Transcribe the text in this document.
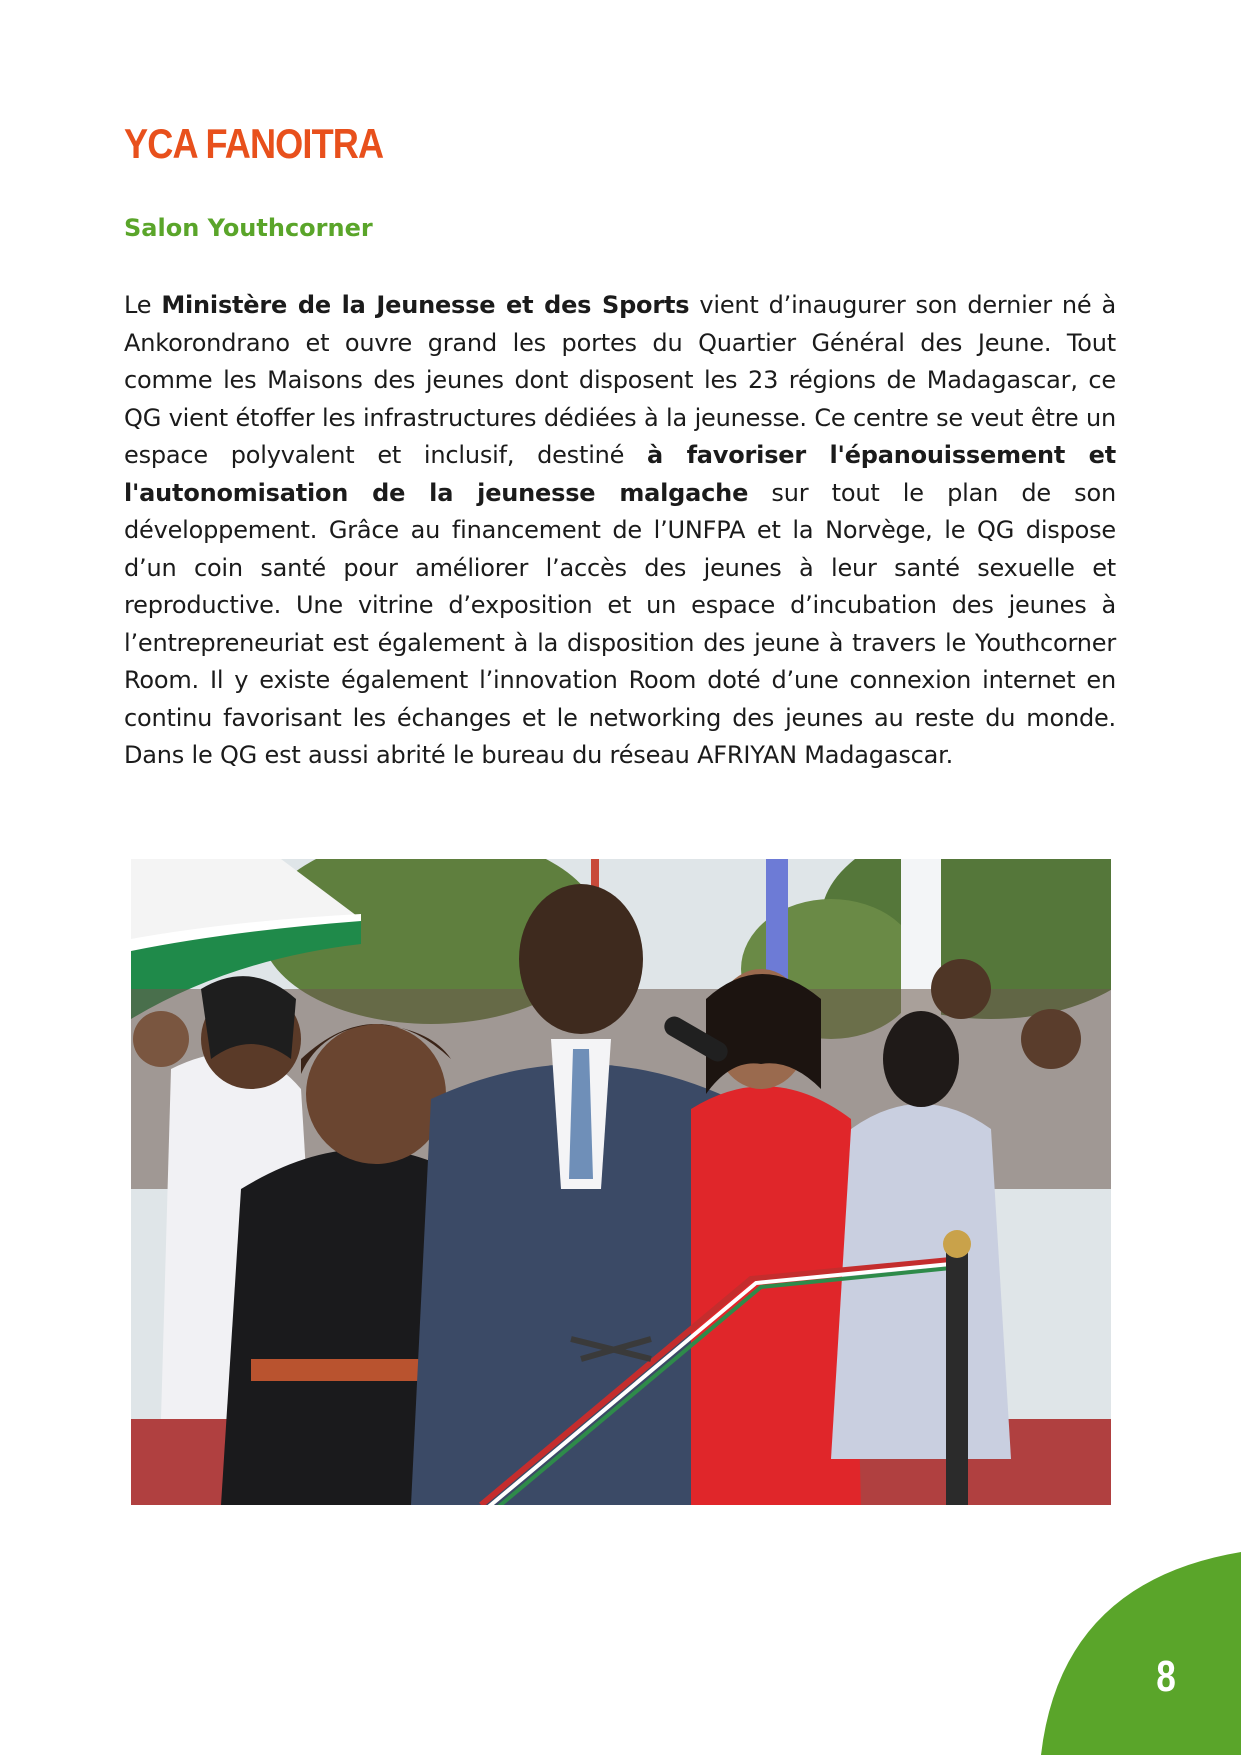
YCA FANOITRA
Salon Youthcorner

Le Ministère de la Jeunesse et des Sports vient d’inaugurer son dernier né à Ankorondrano et ouvre grand les portes du Quartier Général des Jeune. Tout comme les Maisons des jeunes dont disposent les 23 régions de Madagascar, ce QG vient étoffer les infrastructures dédiées à la jeunesse. Ce centre se veut être un espace polyvalent et inclusif, destiné à favoriser l'épanouissement et l'autonomisation de la jeunesse malgache sur tout le plan de son développement. Grâce au financement de l’UNFPA et la Norvège, le QG dispose d’un coin santé pour améliorer l’accès des jeunes à leur santé sexuelle et reproductive. Une vitrine d’exposition et un espace d’incubation des jeunes à l’entrepreneuriat est également à la disposition des jeune à travers le Youthcorner Room. Il y existe également l’innovation Room doté d’une connexion internet en continu favorisant les échanges et le networking des jeunes au reste du monde. Dans le QG est aussi abrité le bureau du réseau AFRIYAN Madagascar.

8
